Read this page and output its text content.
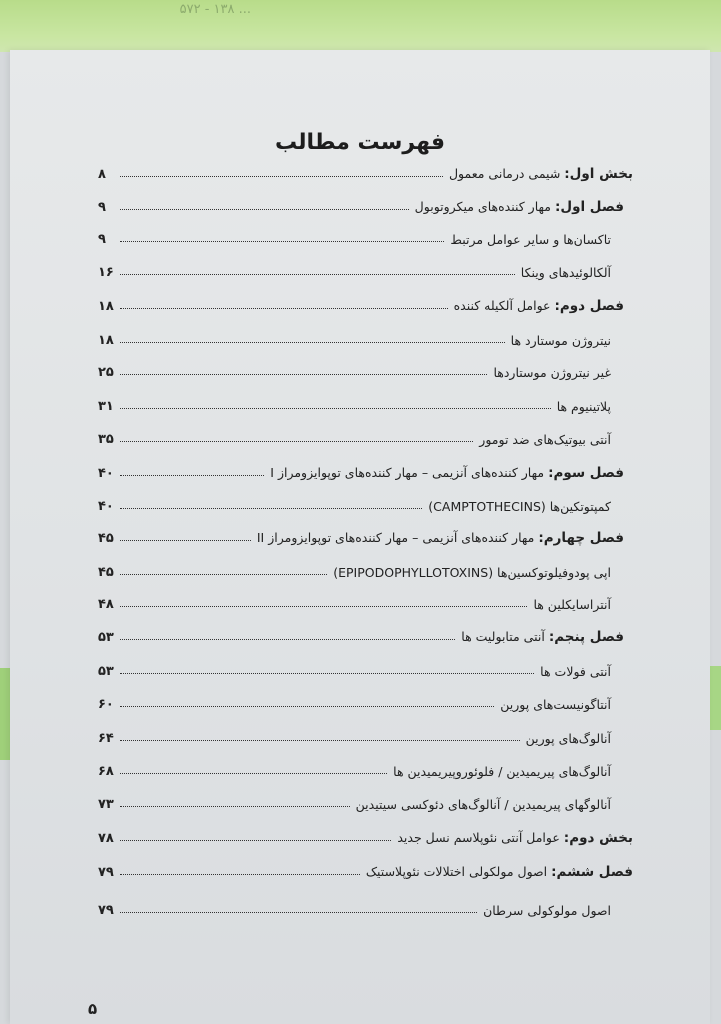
۵۷۲ - ۱۳۸ ...
فهرست مطالب
بخش اول: شیمی درمانی معمول
۸
فصل اول: مهار کننده‌های میکروتوبول
۹
تاکسان‌ها و سایر عوامل مرتبط
۹
آلکالوئیدهای وینکا
۱۶
فصل دوم: عوامل آلکیله کننده
۱۸
نیتروژن موستارد ها
۱۸
غیر نیتروژن موستاردها
۲۵
پلاتینیوم ها
۳۱
آنتی بیوتیک‌های ضد تومور
۳۵
فصل سوم: مهار کننده‌های آنزیمی – مهار کننده‌های توپوایزومراز I
۴۰
کمپتوتکین‌ها (CAMPTOTHECINS)
۴۰
فصل چهارم: مهار کننده‌های آنزیمی – مهار کننده‌های توپوایزومراز II
۴۵
اپی پودوفیلوتوکسین‌ها (EPIPODOPHYLLOTOXINS)
۴۵
آنتراسایکلین ها
۴۸
فصل پنجم: آنتی متابولیت ها
۵۳
آنتی فولات ها
۵۳
آنتاگونیست‌های پورین
۶۰
آنالوگ‌های پورین
۶۴
آنالوگ‌های پیریمیدین / فلوئوروپیریمیدین ها
۶۸
آنالوگهای پیریمیدین / آنالوگ‌های دئوکسی سیتیدین
۷۳
بخش دوم: عوامل آنتی نئوپلاسم نسل جدید
۷۸
فصل ششم: اصول مولکولی اختلالات نئوپلاستیک
۷۹
اصول مولوکولی سرطان
۷۹
۵
